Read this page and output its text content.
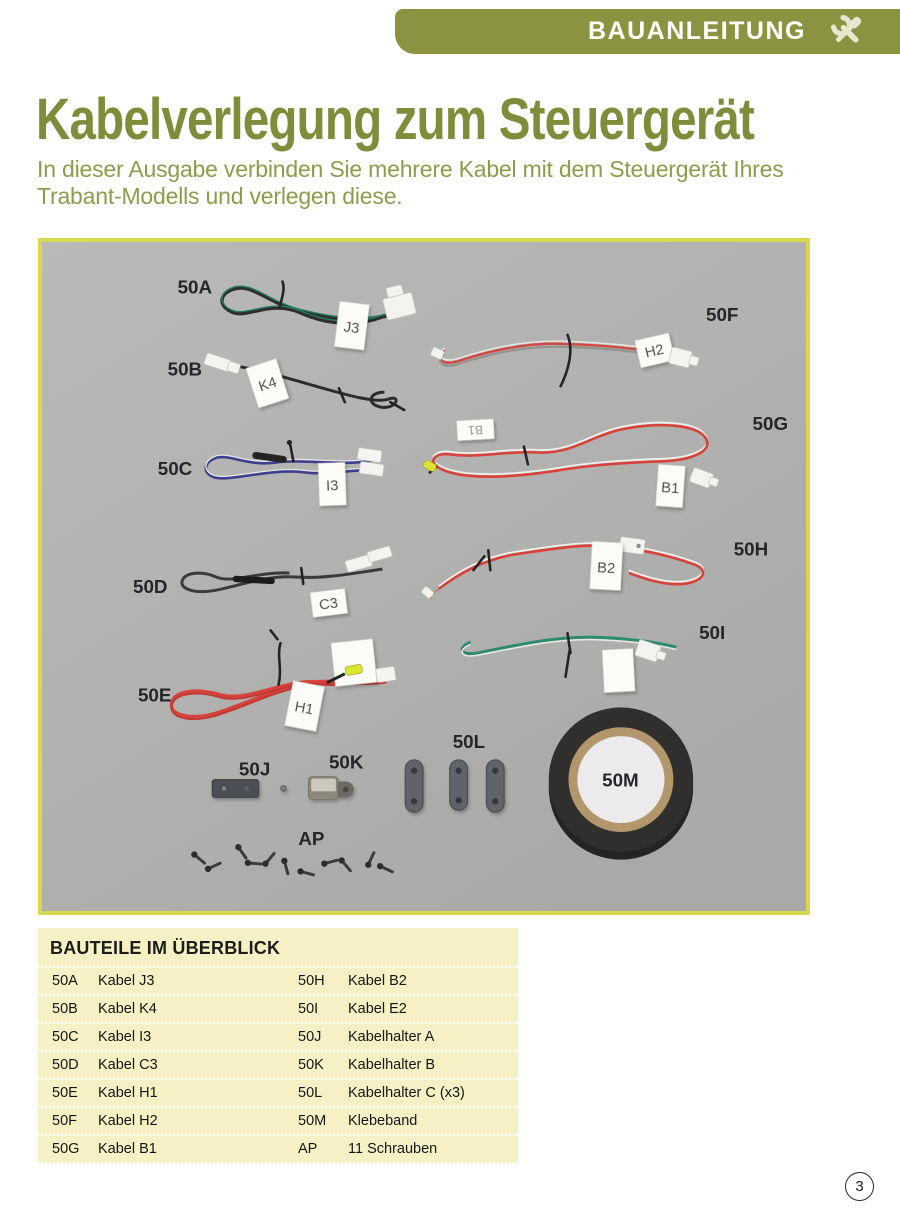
BAUANLEITUNG
Kabelverlegung zum Steuergerät

In dieser Ausgabe verbinden Sie mehrere Kabel mit dem Steuergerät Ihres Trabant-Modells und verlegen diese.

J3
50A
K4
50B
H2
50F
B1
B1
50G
I3
50C
B2
50H
C3
50D
50I
H1
50E
50J	50K
50L
50M
AP
BAUTEILE IM ÜBERBLICK
50A	Kabel J3	50H	Kabel B2
50B	Kabel K4	50I	Kabel E2
50C	Kabel I3	50J	Kabelhalter A
50D	Kabel C3	50K	Kabelhalter B
50E	Kabel H1	50L	Kabelhalter C (x3)
50F	Kabel H2	50M	Klebeband
50G	Kabel B1	AP	11 Schrauben
3
